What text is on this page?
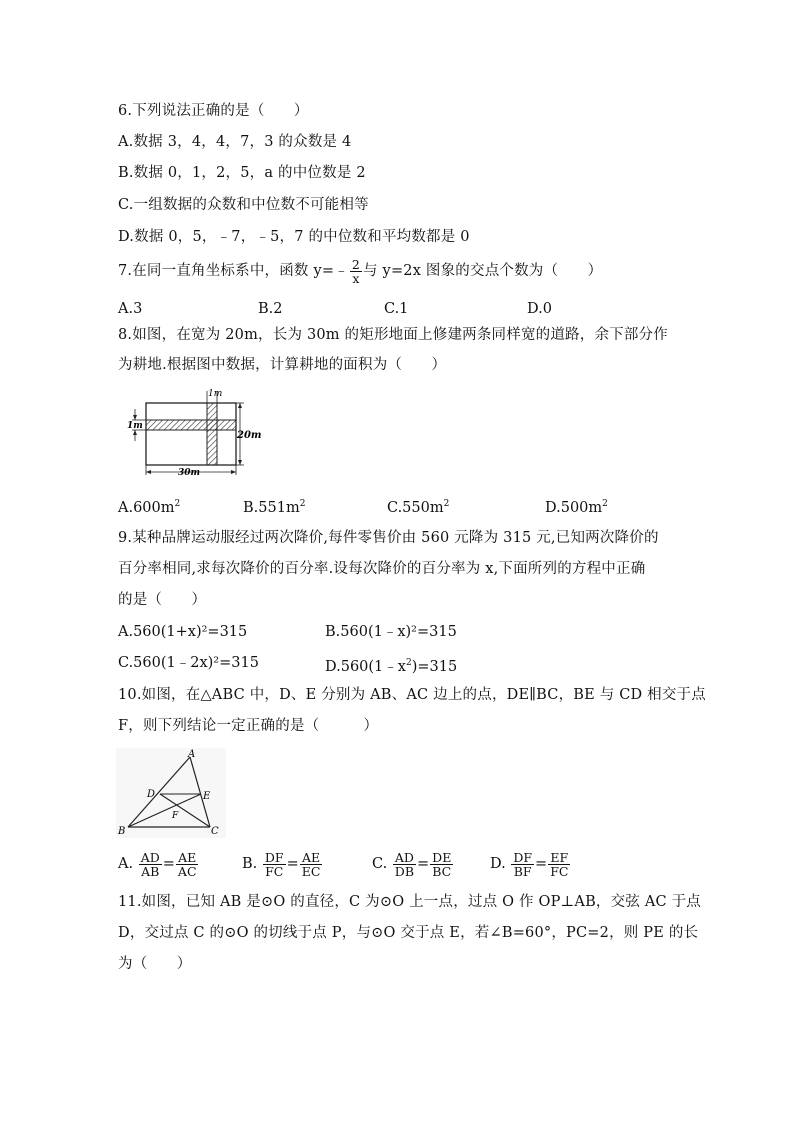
6.下列说法正确的是（　　）
A.数据 3，4，4，7，3 的众数是 4
B.数据 0，1，2，5，a 的中位数是 2
C.一组数据的众数和中位数不可能相等
D.数据 0，5，﹣7，﹣5，7 的中位数和平均数都是 0
7.在同一直角坐标系中，函数 y=﹣ $\frac{2}{x}$ 与 y=2x 图象的交点个数为（　　）
A.3	B.2	C.1	D.0
8.如图，在宽为 20m，长为 30m 的矩形地面上修建两条同样宽的道路，余下部分作
为耕地.根据图中数据，计算耕地的面积为（　　）
1m
1m
20m
30m
$A.600m^2$	$B.551m^2$	$C.550m^2$	$D.500m^2$
9.某种品牌运动服经过两次降价,每件零售价由 560 元降为 315 元,已知两次降价的
百分率相同,求每次降价的百分率.设每次降价的百分率为 x,下面所列的方程中正确
的是（　　）
A.560(1+x)²=315	B.560(1﹣x)²=315
C.560(1﹣2x)²=315	$D.560(1﹣x^2)=315$
10.如图，在△ABC 中，D、E 分别为 AB、AC 边上的点，DE∥BC，BE 与 CD 相交于点
F，则下列结论一定正确的是（　　　）
A
B	C
D	E
F
A. $\frac{AD}{AB} = \frac{AE}{AC}$	B. $\frac{DF}{FC} = \frac{AE}{EC}$	C. $\frac{AD}{DB} = \frac{DE}{BC}$	D. $\frac{DF}{BF} = \frac{EF}{FC}$
11.如图，已知 AB 是⊙O 的直径，C 为⊙O 上一点，过点 O 作 OP⊥AB，交弦 AC 于点
D，交过点 C 的⊙O 的切线于点 P，与⊙O 交于点 E，若∠B=60°，PC=2，则 PE 的长
为（　　）
